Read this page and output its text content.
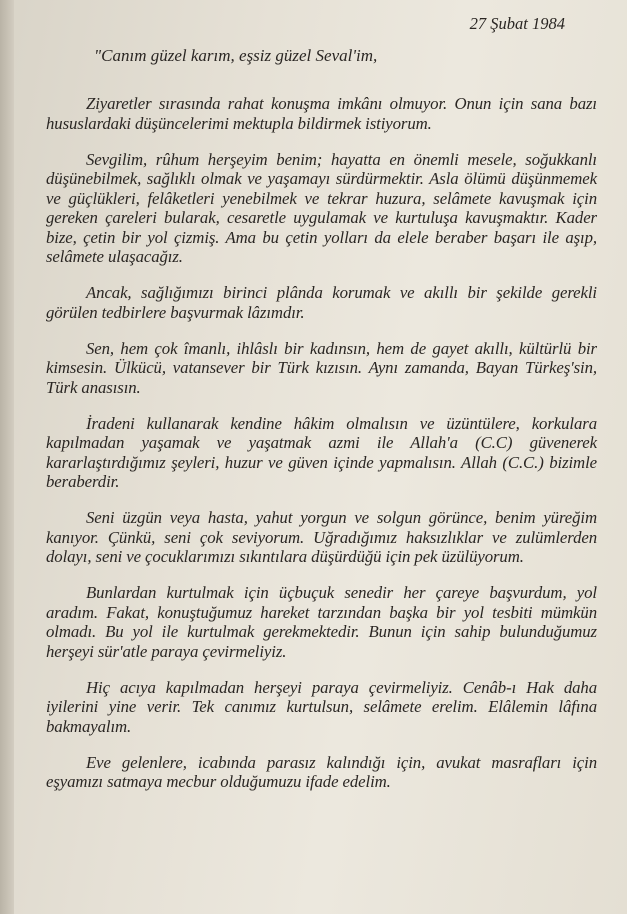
27 Şubat 1984
"Canım güzel karım, eşsiz güzel Seval'im,

Ziyaretler sırasında rahat konuşma imkânı olmuyor. Onun için sana bazı hususlardaki düşüncelerimi mektupla bildirmek istiyorum.

Sevgilim, rûhum herşeyim benim; hayatta en önemli mesele, soğukkanlı düşünebilmek, sağlıklı olmak ve yaşamayı sürdürmektir. Asla ölümü düşünmemek ve güçlükleri, felâketleri yenebilmek ve tekrar huzura, selâmete kavuşmak için gereken çareleri bularak, cesaretle uygulamak ve kurtuluşa kavuşmaktır. Kader bize, çetin bir yol çizmiş. Ama bu çetin yolları da elele beraber başarı ile aşıp, selâmete ulaşacağız.

Ancak, sağlığımızı birinci plânda korumak ve akıllı bir şekilde gerekli görülen tedbirlere başvurmak lâzımdır.

Sen, hem çok îmanlı, ihlâslı bir kadınsın, hem de gayet akıllı, kültürlü bir kimsesin. Ülkücü, vatansever bir Türk kızısın. Aynı zamanda, Bayan Türkeş'sin, Türk anasısın.

İradeni kullanarak kendine hâkim olmalısın ve üzüntülere, korkulara kapılmadan yaşamak ve yaşatmak azmi ile Allah'a (C.C) güvenerek kararlaştırdığımız şeyleri, huzur ve güven içinde yapmalısın. Allah (C.C.) bizimle beraberdir.

Seni üzgün veya hasta, yahut yorgun ve solgun görünce, benim yüreğim kanıyor. Çünkü, seni çok seviyorum. Uğradığımız haksızlıklar ve zulümlerden dolayı, seni ve çocuklarımızı sıkıntılara düşürdüğü için pek üzülüyorum.

Bunlardan kurtulmak için üçbuçuk senedir her çareye başvurdum, yol aradım. Fakat, konuştuğumuz hareket tarzından başka bir yol tesbiti mümkün olmadı. Bu yol ile kurtulmak gerekmektedir. Bunun için sahip bulunduğumuz herşeyi sür'atle paraya çevirmeliyiz.

Hiç acıya kapılmadan herşeyi paraya çevirmeliyiz. Cenâb-ı Hak daha iyilerini yine verir. Tek canımız kurtulsun, selâmete erelim. Elâlemin lâfına bakmayalım.

Eve gelenlere, icabında parasız kalındığı için, avukat masrafları için eşyamızı satmaya mecbur olduğumuzu ifade edelim.
